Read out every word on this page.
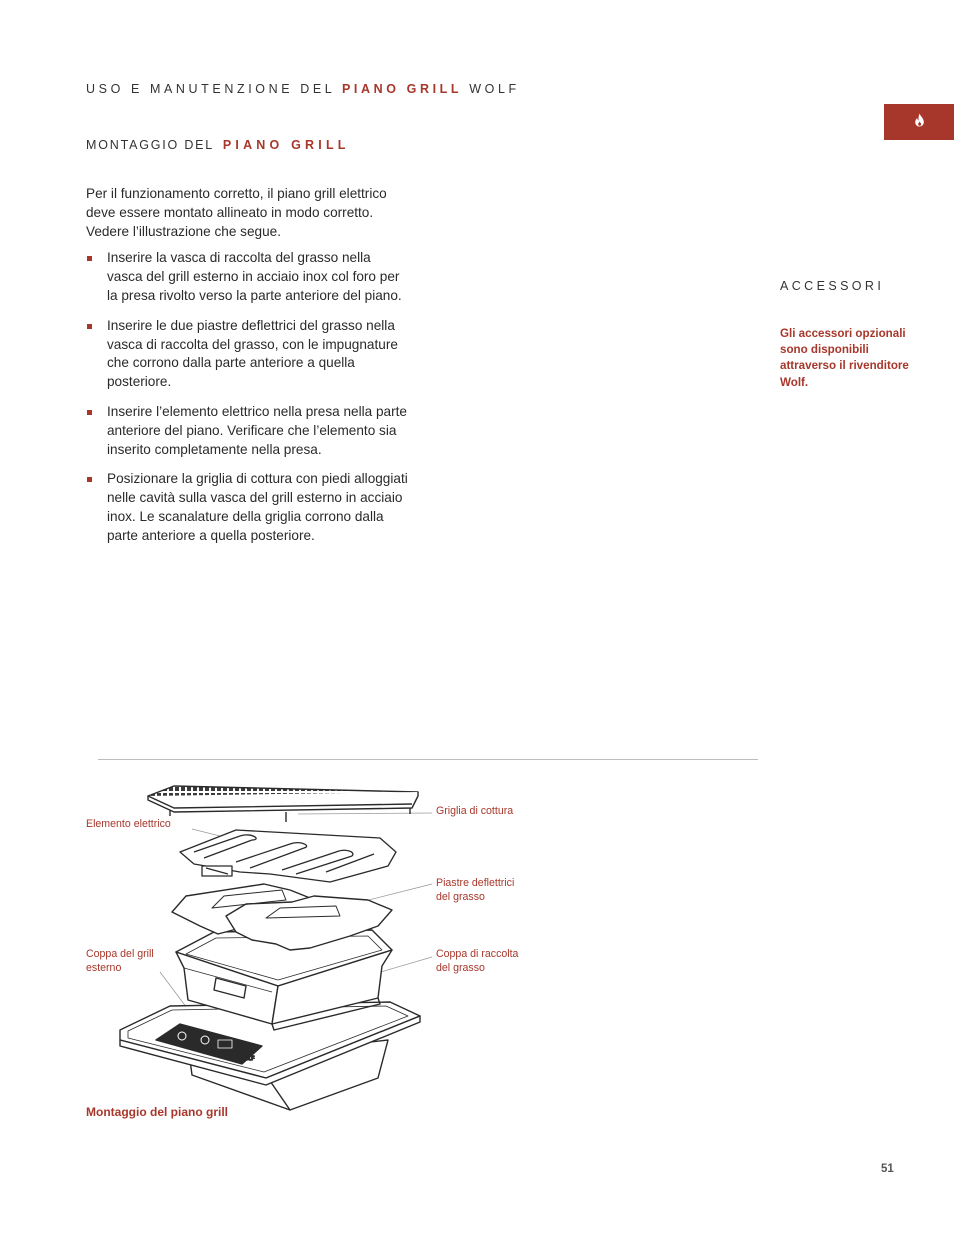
USO E MANUTENZIONE DEL PIANO GRILL WOLF
MONTAGGIO DEL PIANO GRILL

Per il funzionamento corretto, il piano grill elettrico deve essere montato allineato in modo corretto. Vedere l’illustrazione che segue.

Inserire la vasca di raccolta del grasso nella vasca del grill esterno in acciaio inox col foro per la presa rivolto verso la parte anteriore del piano.
Inserire le due piastre deflettrici del grasso nella vasca di raccolta del grasso, con le impugnature che corrono dalla parte anteriore a quella posteriore.
Inserire l’elemento elettrico nella presa nella parte anteriore del piano. Verificare che l’elemento sia inserito completamente nella presa.
Posizionare la griglia di cottura con piedi alloggiati nelle cavità sulla vasca del grill esterno in acciaio inox. Le scanalature della griglia corrono dalla parte anteriore a quella posteriore.
ACCESSORI
Gli accessori opzionali sono disponibili attraverso il rivenditore Wolf.
WOLF
Griglia di cottura
Elemento elettrico
Piastre deflettrici
del grasso
Coppa del grill
esterno
Coppa di raccolta
del grasso
Montaggio del piano grill
51
